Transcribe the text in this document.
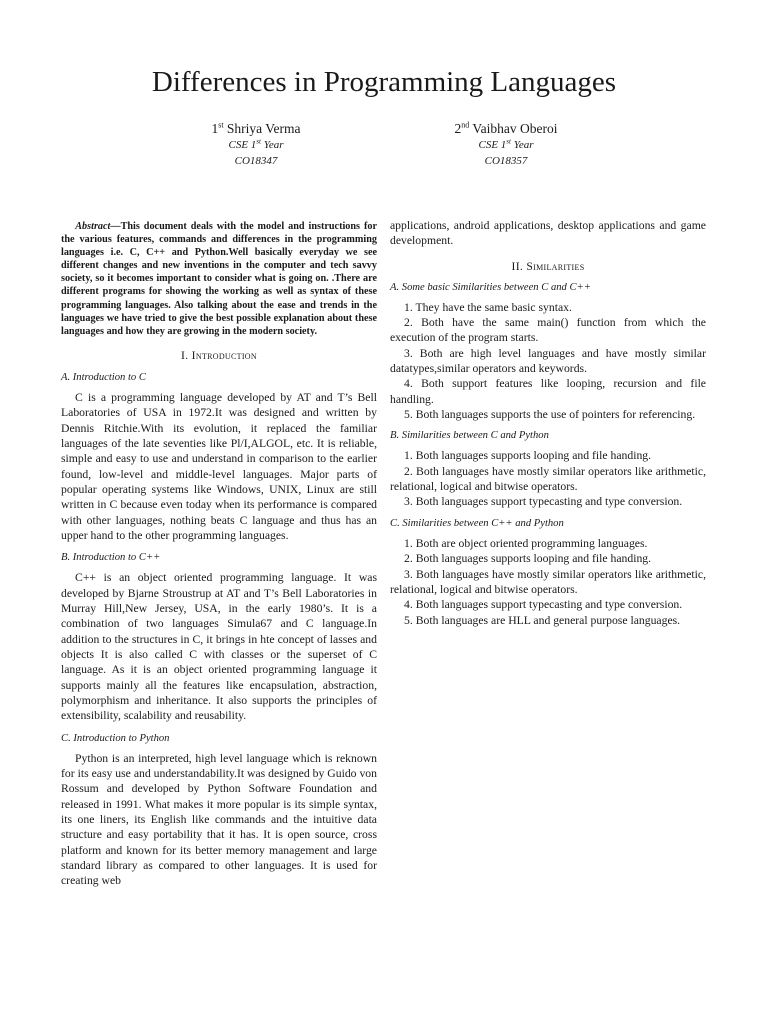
Differences in Programming Languages
1st Shriya Verma
CSE 1st Year
CO18347
2nd Vaibhav Oberoi
CSE 1st Year
CO18357

Abstract—This document deals with the model and instructions for the various features, commands and differences in the programming languages i.e. C, C++ and Python.Well basically everyday we see different changes and new inventions in the computer and tech savvy society, so it becomes important to consider what is going on. .There are different programs for showing the working as well as syntax of these programming languages. Also talking about the ease and trends in the languages we have tried to give the best possible explanation about these languages and how they are growing in the modern society.

I. Introduction
A. Introduction to C

C is a programming language developed by AT and T’s Bell Laboratories of USA in 1972.It was designed and written by Dennis Ritchie.With its evolution, it replaced the familiar languages of the late seventies like Pl/I,ALGOL, etc. It is reliable, simple and easy to use and understand in comparison to the earlier found, low-level and middle-level languages. Major parts of popular operating systems like Windows, UNIX, Linux are still written in C because even today when its performance is compared with other languages, nothing beats C language and thus has an upper hand to the other programming languages.

B. Introduction to C++

C++ is an object oriented programming language. It was developed by Bjarne Stroustrup at AT and T’s Bell Laboratories in Murray Hill,New Jersey, USA, in the early 1980’s. It is a combination of two languages Simula67 and C language.In addition to the structures in C, it brings in hte concept of lasses and objects It is also called C with classes or the superset of C language. As it is an object oriented programming language it supports mainly all the features like encapsulation, abstraction, polymorphism and inheritance. It also supports the principles of extensibility, scalability and reusability.

C. Introduction to Python

Python is an interpreted, high level language which is reknown for its easy use and understandability.It was designed by Guido von Rossum and developed by Python Software Foundation and released in 1991. What makes it more popular is its simple syntax, its one liners, its English like commands and the intuitive data structure and easy portability that it has. It is open source, cross platform and known for its better memory management and large standard library as compared to other languages. It is used for creating web

applications, android applications, desktop applications and game development.

II. Similarities
A. Some basic Similarities between C and C++

1. They have the same basic syntax.

2. Both have the same main() function from which the execution of the program starts.

3. Both are high level languages and have mostly similar datatypes,similar operators and keywords.

4. Both support features like looping, recursion and file handling.

5. Both languages supports the use of pointers for referencing.

B. Similarities between C and Python

1. Both languages supports looping and file handing.

2. Both languages have mostly similar operators like arithmetic, relational, logical and bitwise operators.

3. Both languages support typecasting and type conversion.

C. Similarities between C++ and Python

1. Both are object oriented programming languages.

2. Both languages supports looping and file handing.

3. Both languages have mostly similar operators like arithmetic, relational, logical and bitwise operators.

4. Both languages support typecasting and type conversion.

5. Both languages are HLL and general purpose languages.
